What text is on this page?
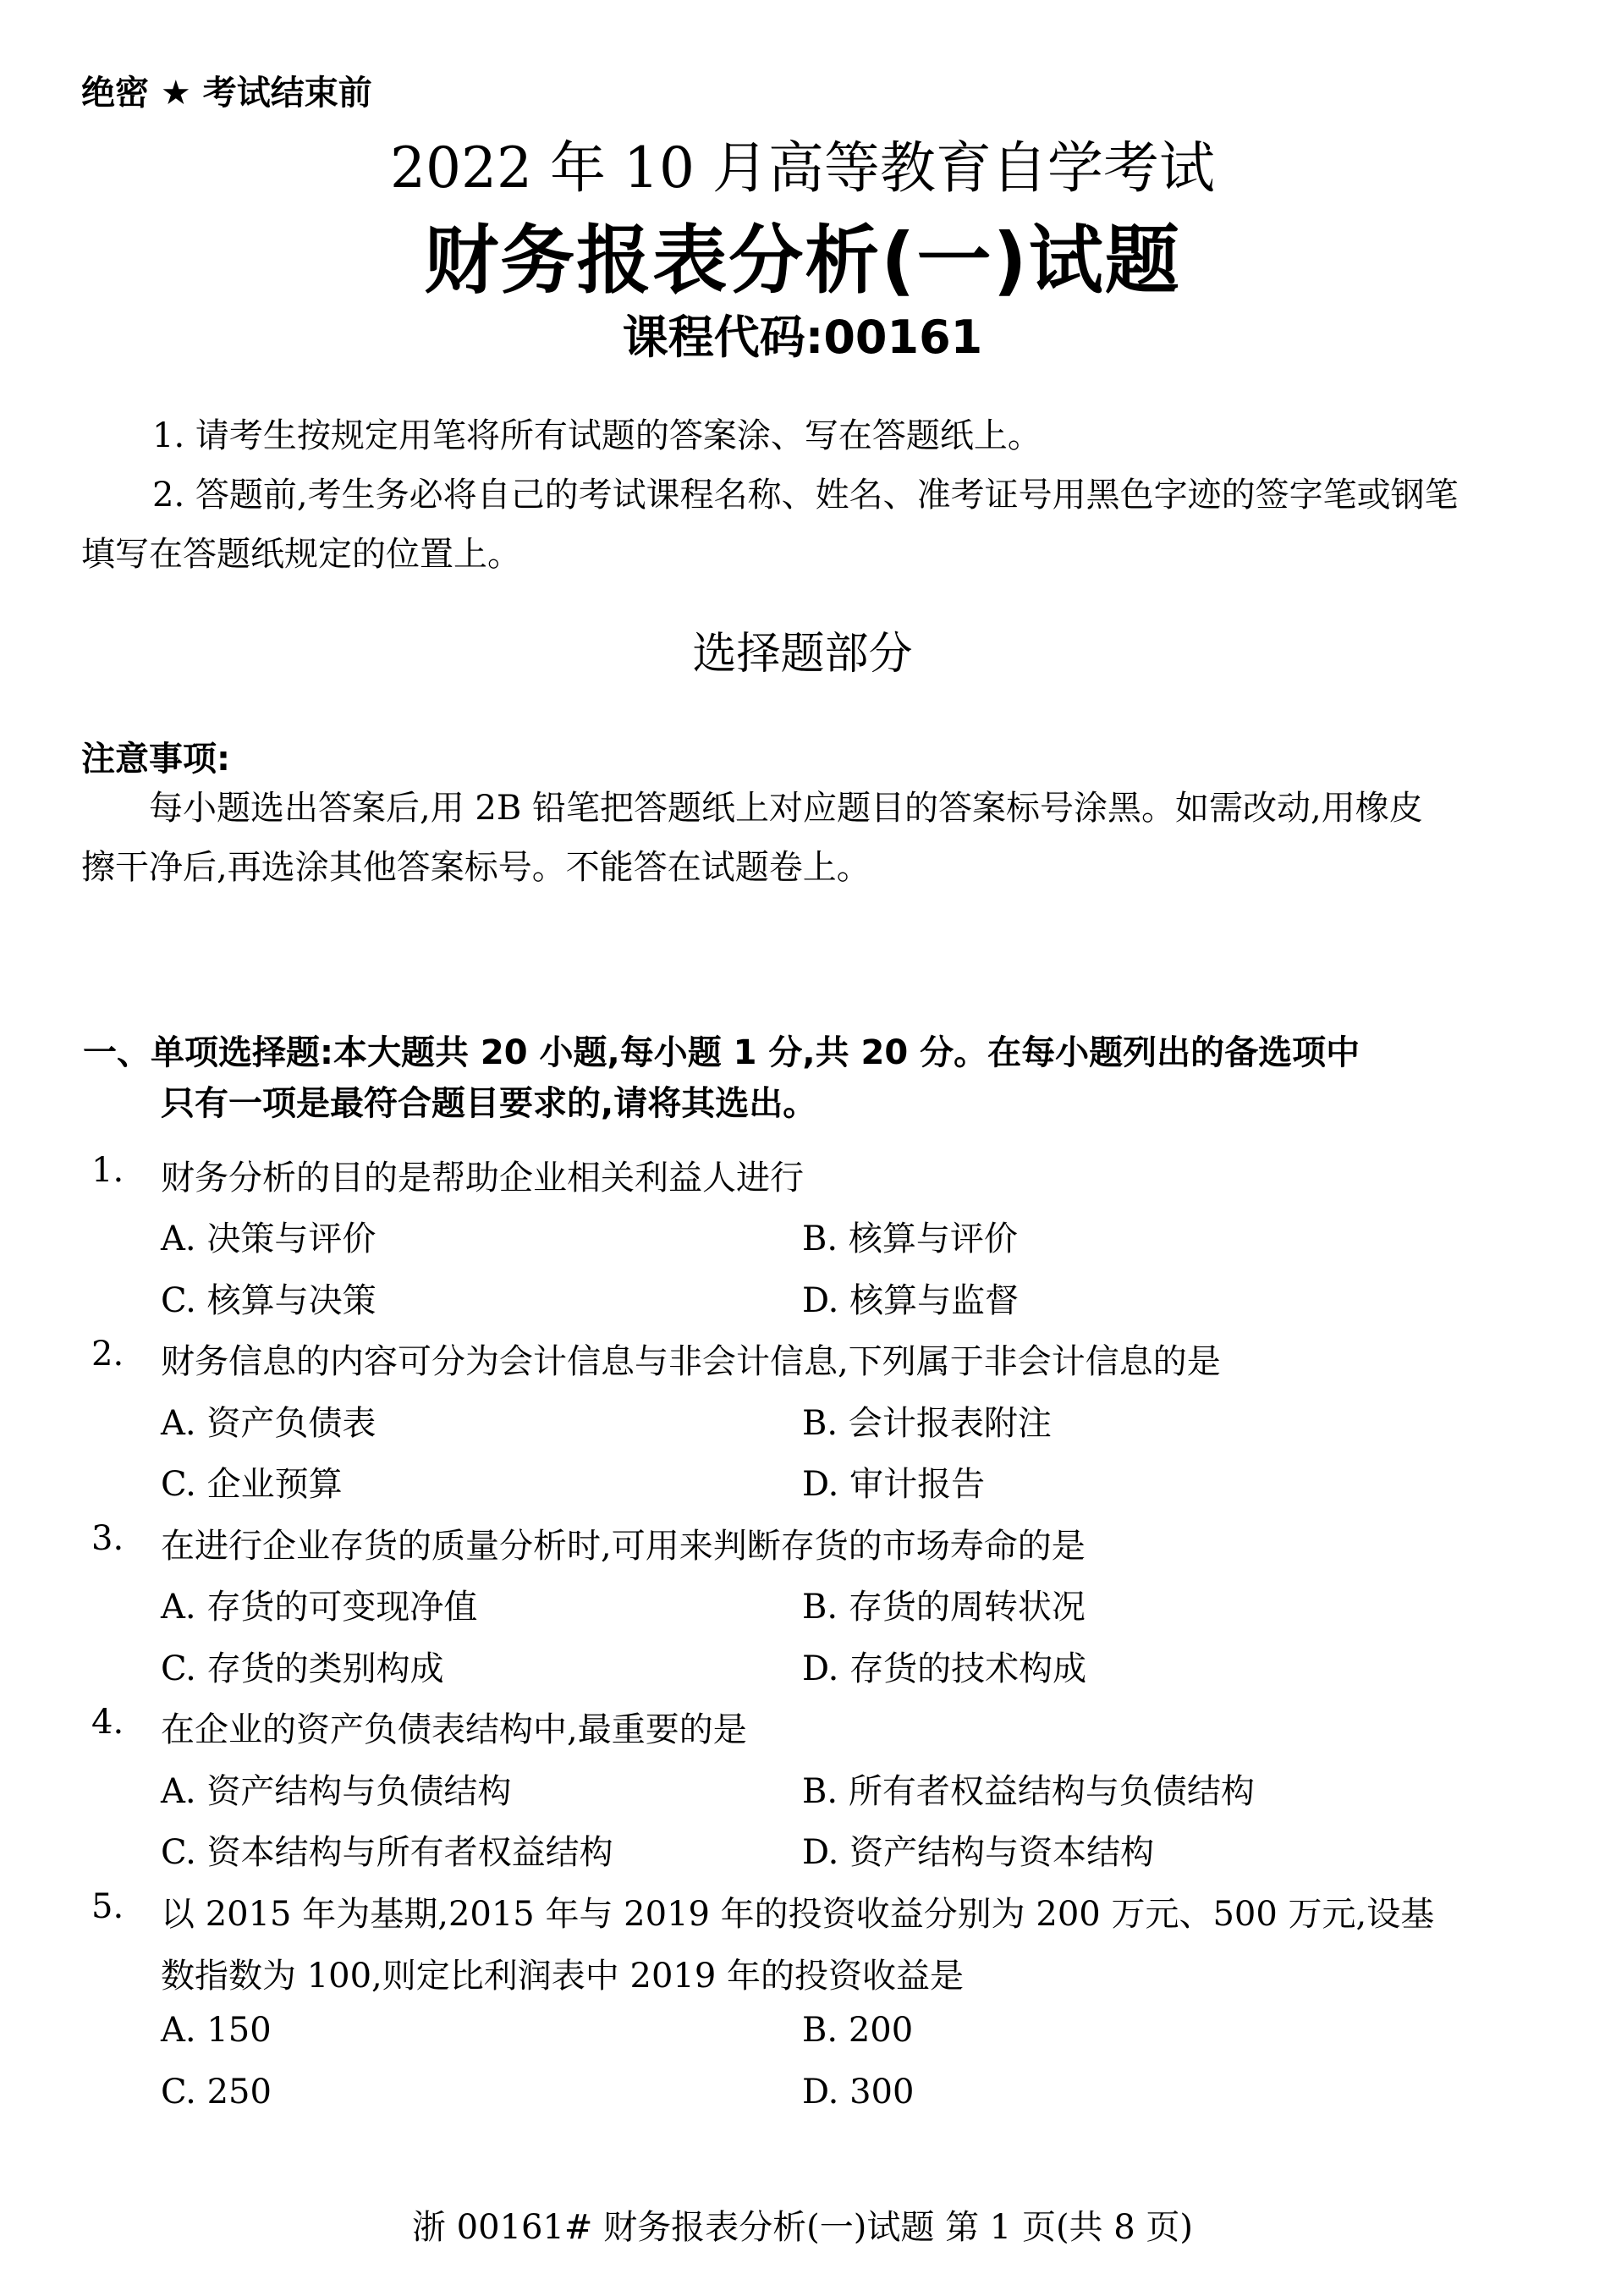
绝密 ★ 考试结束前
2022 年 10 月高等教育自学考试
财务报表分析(一)试题
课程代码:00161
1. 请考生按规定用笔将所有试题的答案涂、写在答题纸上。
2. 答题前,考生务必将自己的考试课程名称、姓名、准考证号用黑色字迹的签字笔或钢笔
填写在答题纸规定的位置上。
选择题部分
注意事项:
每小题选出答案后,用 2B 铅笔把答题纸上对应题目的答案标号涂黑。如需改动,用橡皮
擦干净后,再选涂其他答案标号。不能答在试题卷上。
一、单项选择题:本大题共 20 小题,每小题 1 分,共 20 分。在每小题列出的备选项中
只有一项是最符合题目要求的,请将其选出。
1. 财务分析的目的是帮助企业相关利益人进行
A. 决策与评价	B. 核算与评价
C. 核算与决策	D. 核算与监督
2. 财务信息的内容可分为会计信息与非会计信息,下列属于非会计信息的是
A. 资产负债表	B. 会计报表附注
C. 企业预算	D. 审计报告
3. 在进行企业存货的质量分析时,可用来判断存货的市场寿命的是
A. 存货的可变现净值	B. 存货的周转状况
C. 存货的类别构成	D. 存货的技术构成
4. 在企业的资产负债表结构中,最重要的是
A. 资产结构与负债结构	B. 所有者权益结构与负债结构
C. 资本结构与所有者权益结构	D. 资产结构与资本结构
5. 以 2015 年为基期,2015 年与 2019 年的投资收益分别为 200 万元、500 万元,设基
数指数为 100,则定比利润表中 2019 年的投资收益是
A. 150	B. 200
C. 250	D. 300
浙 00161# 财务报表分析(一)试题 第 1 页(共 8 页)
